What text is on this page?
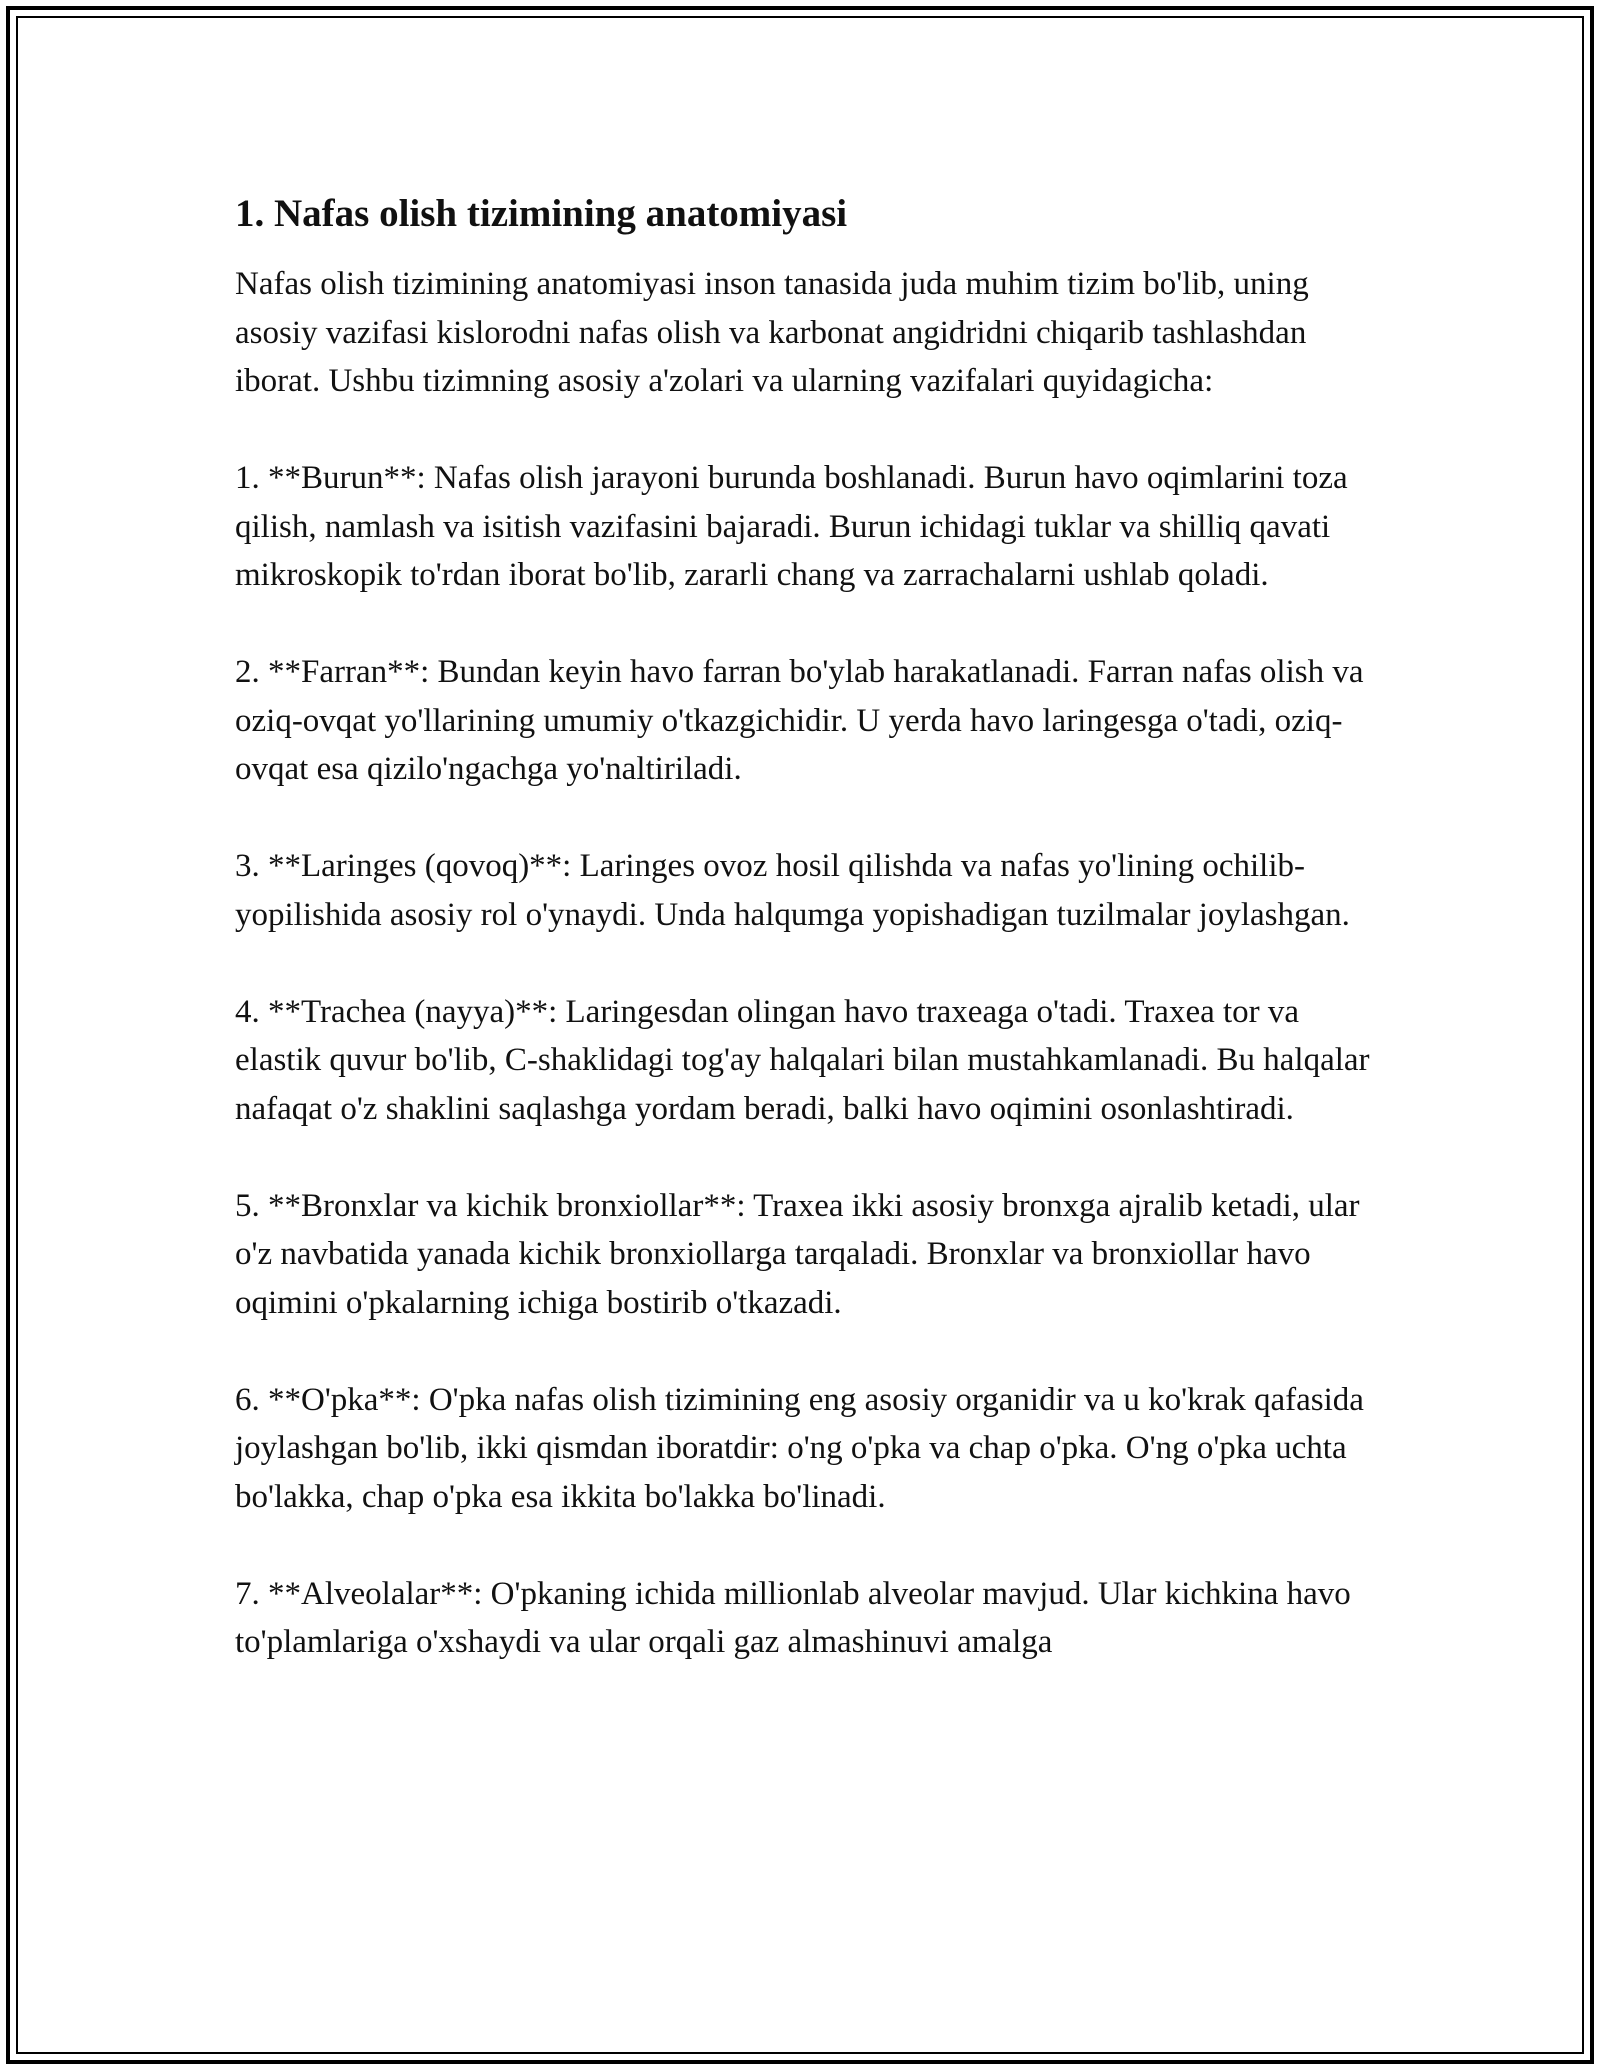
1. Nafas olish tizimining anatomiyasi

Nafas olish tizimining anatomiyasi inson tanasida juda muhim tizim bo'lib, uning asosiy vazifasi kislorodni nafas olish va karbonat angidridni chiqarib tashlashdan iborat. Ushbu tizimning asosiy a'zolari va ularning vazifalari quyidagicha:

1. **Burun**: Nafas olish jarayoni burunda boshlanadi. Burun havo oqimlarini toza qilish, namlash va isitish vazifasini bajaradi. Burun ichidagi tuklar va shilliq qavati mikroskopik to'rdan iborat bo'lib, zararli chang va zarrachalarni ushlab qoladi.

2. **Farran**: Bundan keyin havo farran bo'ylab harakatlanadi. Farran nafas olish va oziq-ovqat yo'llarining umumiy o'tkazgichidir. U yerda havo laringesga o'tadi, oziq-ovqat esa qizilo'ngachga yo'naltiriladi.

3. **Laringes (qovoq)**: Laringes ovoz hosil qilishda va nafas yo'lining ochilib-yopilishida asosiy rol o'ynaydi. Unda halqumga yopishadigan tuzilmalar joylashgan.

4. **Trachea (nayya)**: Laringesdan olingan havo traxeaga o'tadi. Traxea tor va elastik quvur bo'lib, C-shaklidagi tog'ay halqalari bilan mustahkamlanadi. Bu halqalar nafaqat o'z shaklini saqlashga yordam beradi, balki havo oqimini osonlashtiradi.

5. **Bronxlar va kichik bronxiollar**: Traxea ikki asosiy bronxga ajralib ketadi, ular o'z navbatida yanada kichik bronxiollarga tarqaladi. Bronxlar va bronxiollar havo oqimini o'pkalarning ichiga bostirib o'tkazadi.

6. **O'pka**: O'pka nafas olish tizimining eng asosiy organidir va u ko'krak qafasida joylashgan bo'lib, ikki qismdan iboratdir: o'ng o'pka va chap o'pka. O'ng o'pka uchta bo'lakka, chap o'pka esa ikkita bo'lakka bo'linadi.

7. **Alveolalar**: O'pkaning ichida millionlab alveolar mavjud. Ular kichkina havo to'plamlariga o'xshaydi va ular orqali gaz almashinuvi amalga
